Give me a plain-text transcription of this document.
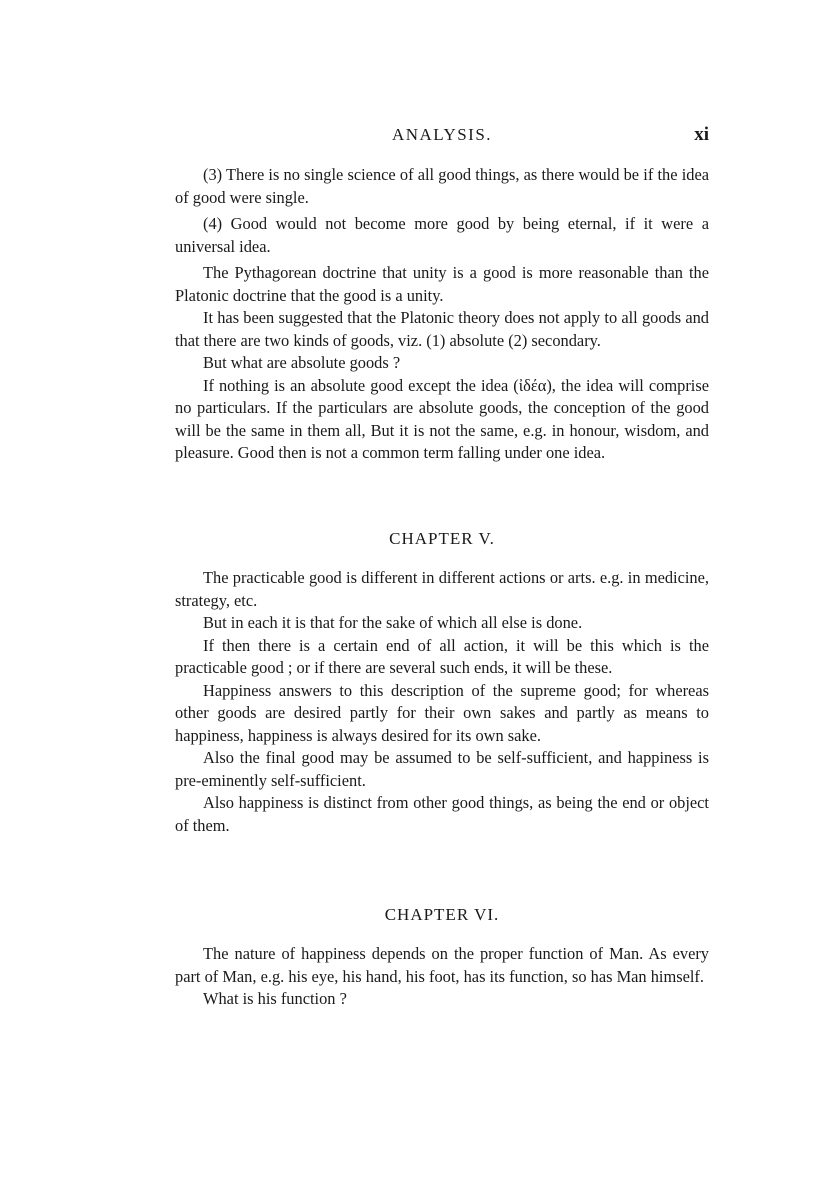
ANALYSIS.	xi

(3) There is no single science of all good things, as there would be if the idea of good were single.

(4) Good would not become more good by being eternal, if it were a universal idea.

The Pythagorean doctrine that unity is a good is more reasonable than the Platonic doctrine that the good is a unity.

It has been suggested that the Platonic theory does not apply to all goods and that there are two kinds of goods, viz. (1) absolute (2) secondary.

But what are absolute goods ?

If nothing is an absolute good except the idea (ἰδέα), the idea will comprise no particulars. If the particulars are absolute goods, the conception of the good will be the same in them all, But it is not the same, e.g. in honour, wisdom, and pleasure. Good then is not a common term falling under one idea.

CHAPTER V.

The practicable good is different in different actions or arts. e.g. in medicine, strategy, etc.

But in each it is that for the sake of which all else is done.

If then there is a certain end of all action, it will be this which is the practicable good ; or if there are several such ends, it will be these.

Happiness answers to this description of the supreme good; for whereas other goods are desired partly for their own sakes and partly as means to happiness, happiness is always desired for its own sake.

Also the final good may be assumed to be self-sufficient, and happiness is pre-eminently self-sufficient.

Also happiness is distinct from other good things, as being the end or object of them.

CHAPTER VI.

The nature of happiness depends on the proper function of Man. As every part of Man, e.g. his eye, his hand, his foot, has its function, so has Man himself.

What is his function ?
